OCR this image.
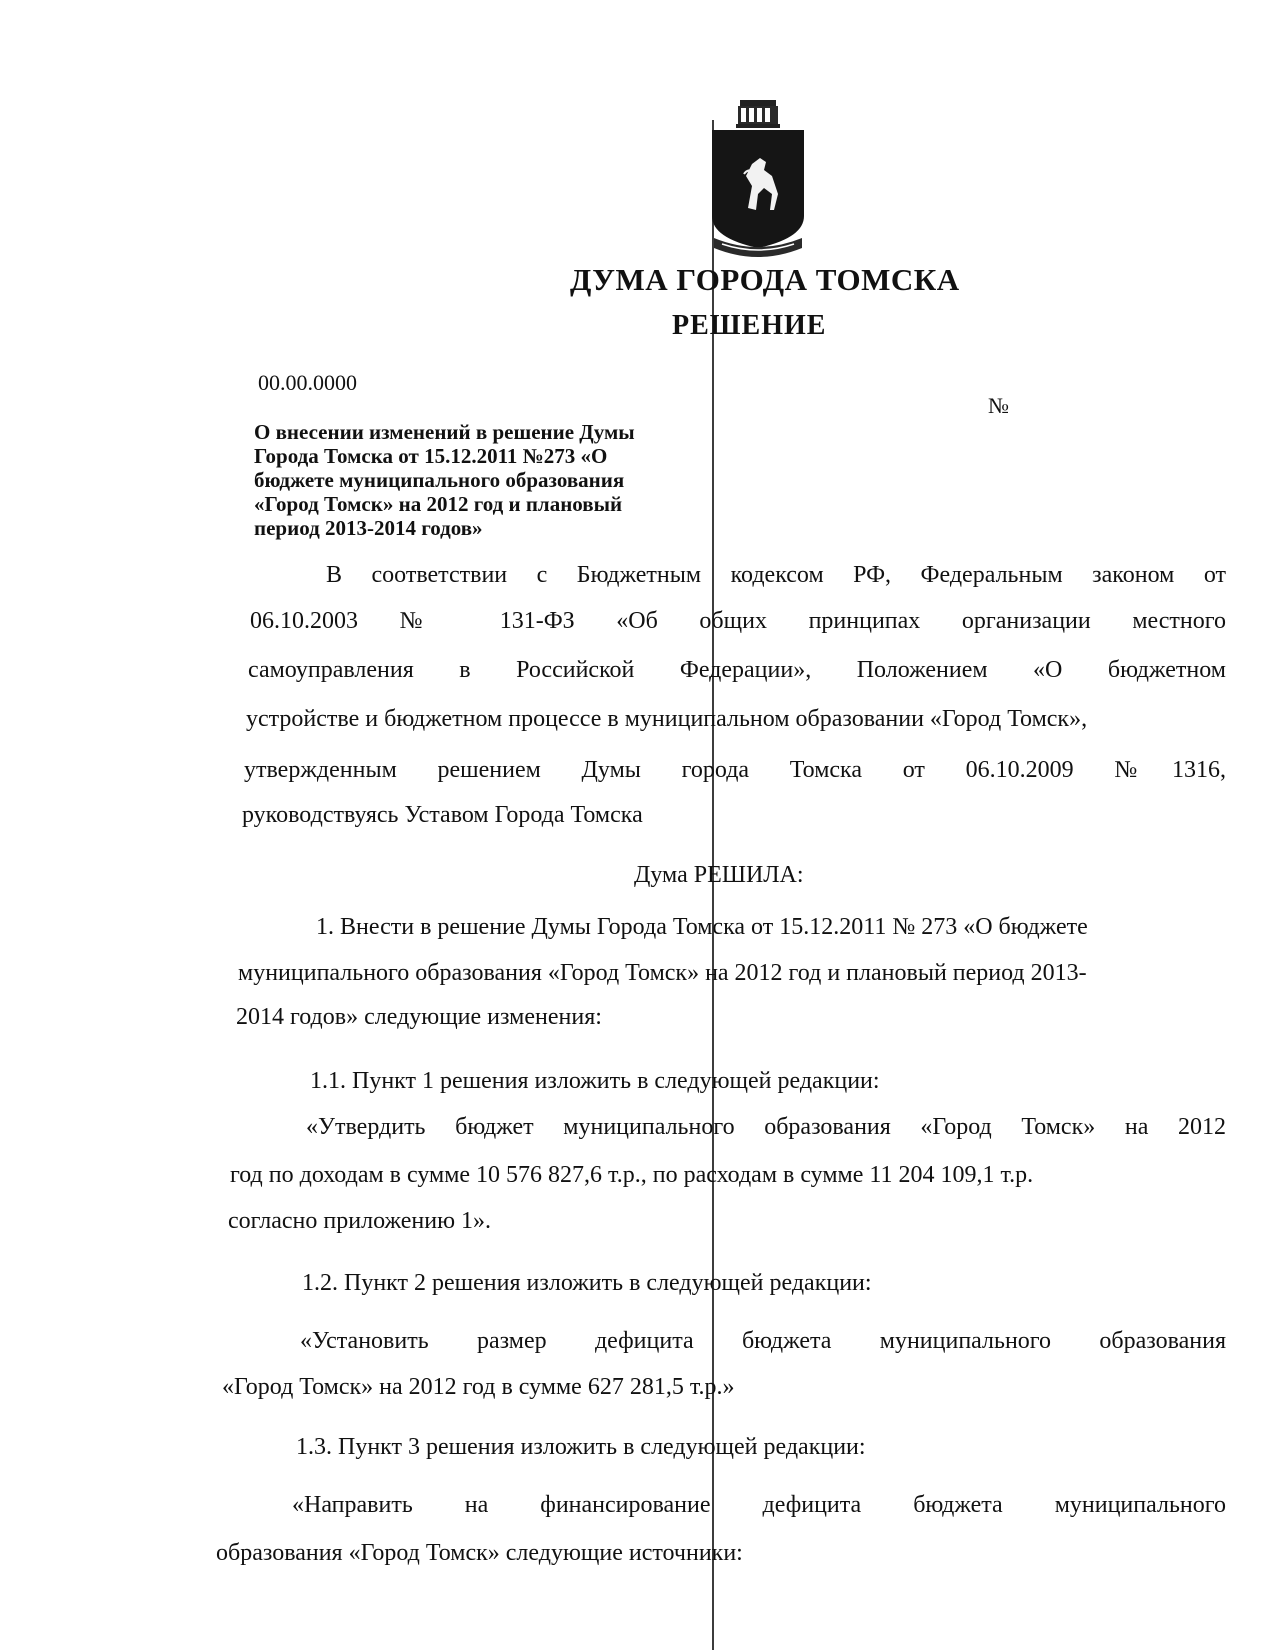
ДУМА ГОРОДА ТОМСКА
РЕШЕНИЕ
00.00.0000
№
О внесении изменений в решение Думы
Города Томска от 15.12.2011 №273 «О
бюджете муниципального образования
«Город Томск» на 2012 год и плановый
период 2013-2014 годов»
В соответствии с Бюджетным кодексом РФ, Федеральным законом от
06.10.2003 № 131-ФЗ «Об общих принципах организации местного
самоуправления в Российской Федерации», Положением «О бюджетном
устройстве и бюджетном процессе в муниципальном образовании «Город Томск»,
утвержденным решением Думы города Томска от 06.10.2009 №1316,
руководствуясь Уставом Города Томска
Дума РЕШИЛА:
1. Внести в решение Думы Города Томска от 15.12.2011 № 273 «О бюджете
муниципального образования «Город Томск» на 2012 год и плановый период 2013-
2014 годов» следующие изменения:
1.1. Пункт 1 решения изложить в следующей редакции:
«Утвердить бюджет муниципального образования «Город Томск» на 2012
год по доходам в сумме 10 576 827,6 т.р., по расходам в сумме 11 204 109,1 т.р.
согласно приложению 1».
1.2. Пункт 2 решения изложить в следующей редакции:
«Установить размер дефицита бюджета муниципального образования
«Город Томск» на 2012 год в сумме 627 281,5 т.р.»
1.3. Пункт 3 решения изложить в следующей редакции:
«Направить на финансирование дефицита бюджета муниципального
образования «Город Томск» следующие источники:
